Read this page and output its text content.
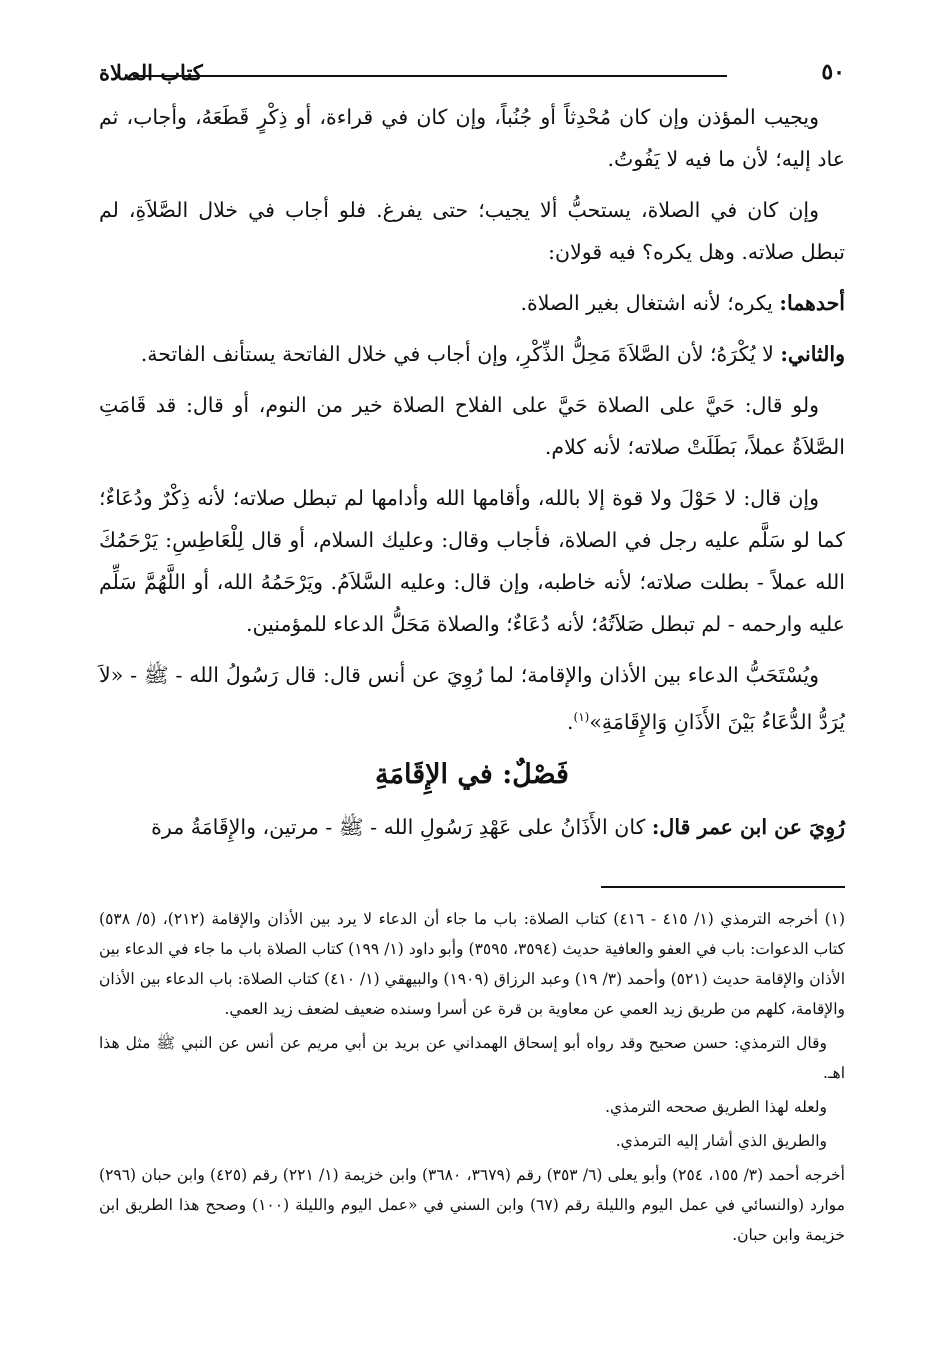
٥٠
كتاب الصلاة

ويجيب المؤذن وإن كان مُحْدِثاً أو جُنُباً، وإن كان في قراءة، أو ذِكْرٍ قَطَعَهُ، وأجاب، ثم عاد إليه؛ لأن ما فيه لا يَفُوتُ.

وإن كان في الصلاة، يستحبُّ ألا يجيب؛ حتى يفرغ. فلو أجاب في خلال الصَّلاَةِ، لم تبطل صلاته. وهل يكره؟ فيه قولان:

أحدهما: يكره؛ لأنه اشتغال بغير الصلاة.

والثاني: لا يُكْرَهُ؛ لأن الصَّلاَةَ مَحِلُّ الذِّكْرِ، وإن أجاب في خلال الفاتحة يستأنف الفاتحة.

ولو قال: حَيَّ على الصلاة حَيَّ على الفلاح الصلاة خير من النوم، أو قال: قد قَامَتِ الصَّلاَةُ عملاً، بَطَلَتْ صلاته؛ لأنه كلام.

وإن قال: لا حَوْلَ ولا قوة إلا بالله، وأقامها الله وأدامها لم تبطل صلاته؛ لأنه ذِكْرٌ ودُعَاءٌ؛ كما لو سَلَّم عليه رجل في الصلاة، فأجاب وقال: وعليك السلام، أو قال لِلْعَاطِسِ: يَرْحَمُكَ الله عملاً - بطلت صلاته؛ لأنه خاطبه، وإن قال: وعليه السَّلاَمُ. ويَرْحَمُهُ الله، أو اللَّهُمَّ سَلِّم عليه وارحمه - لم تبطل صَلاَتُهُ؛ لأنه دُعَاءٌ؛ والصلاة مَحَلُّ الدعاء للمؤمنين.

ويُسْتَحَبُّ الدعاء بين الأذان والإقامة؛ لما رُوِيَ عن أنس قال: قال رَسُولُ الله - ﷺ - «لاَ يُرَدُّ الدُّعَاءُ بَيْنَ الأَذَانِ وَالإِقَامَةِ»$^{(١)}$.

فَصْلٌ: في الإِقَامَةِ

رُوِيَ عن ابن عمر قال: كان الأَذَانُ على عَهْدِ رَسُولِ الله - ﷺ - مرتين، والإِقَامَةُ مرة

(١) أخرجه الترمذي (١/ ٤١٥ - ٤١٦) كتاب الصلاة: باب ما جاء أن الدعاء لا يرد بين الأذان والإقامة (٢١٢)، (٥/ ٥٣٨) كتاب الدعوات: باب في العفو والعافية حديث (٣٥٩٤، ٣٥٩٥) وأبو داود (١/ ١٩٩) كتاب الصلاة باب ما جاء في الدعاء بين الأذان والإقامة حديث (٥٢١) وأحمد (٣/ ١٩) وعبد الرزاق (١٩٠٩) والبيهقي (١/ ٤١٠) كتاب الصلاة: باب الدعاء بين الأذان والإقامة، كلهم من طريق زيد العمي عن معاوية بن قرة عن أسرا وسنده ضعيف لضعف زيد العمي.

وقال الترمذي: حسن صحيح وقد رواه أبو إسحاق الهمداني عن بريد بن أبي مريم عن أنس عن النبي ﷺ مثل هذا اهـ.

ولعله لهذا الطريق صححه الترمذي.

والطريق الذي أشار إليه الترمذي.

أخرجه أحمد (٣/ ١٥٥، ٢٥٤) وأبو يعلى (٦/ ٣٥٣) رقم (٣٦٧٩، ٣٦٨٠) وابن خزيمة (١/ ٢٢١) رقم (٤٢٥) وابن حبان (٢٩٦) موارد (والنسائي في عمل اليوم والليلة رقم (٦٧) وابن السني في «عمل اليوم والليلة (١٠٠) وصحح هذا الطريق ابن خزيمة وابن حبان.
